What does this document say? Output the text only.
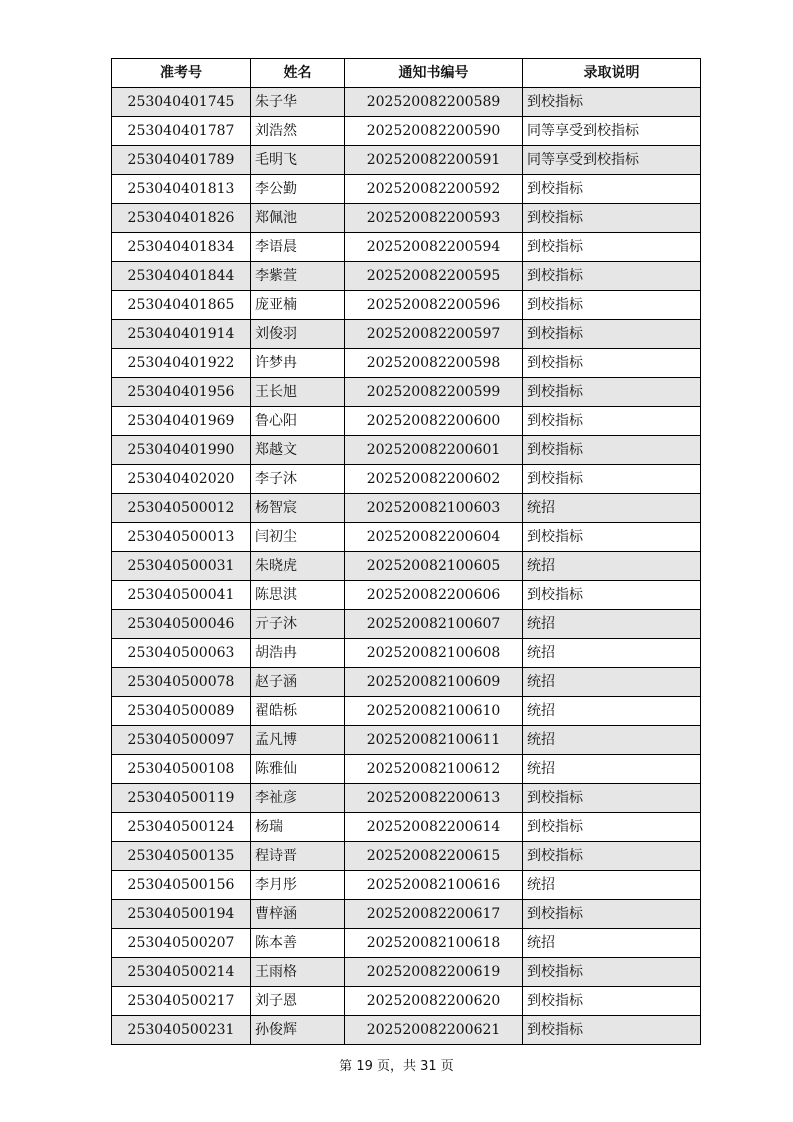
准考号	姓名	通知书编号	录取说明
253040401745	朱子华	202520082200589	到校指标
253040401787	刘浩然	202520082200590	同等享受到校指标
253040401789	毛明飞	202520082200591	同等享受到校指标
253040401813	李公勤	202520082200592	到校指标
253040401826	郑佩池	202520082200593	到校指标
253040401834	李语晨	202520082200594	到校指标
253040401844	李紫萱	202520082200595	到校指标
253040401865	庞亚楠	202520082200596	到校指标
253040401914	刘俊羽	202520082200597	到校指标
253040401922	许梦冉	202520082200598	到校指标
253040401956	王长旭	202520082200599	到校指标
253040401969	鲁心阳	202520082200600	到校指标
253040401990	郑越文	202520082200601	到校指标
253040402020	李子沐	202520082200602	到校指标
253040500012	杨智宸	202520082100603	统招
253040500013	闫初尘	202520082200604	到校指标
253040500031	朱晓虎	202520082100605	统招
253040500041	陈思淇	202520082200606	到校指标
253040500046	亓子沐	202520082100607	统招
253040500063	胡浩冉	202520082100608	统招
253040500078	赵子涵	202520082100609	统招
253040500089	翟皓栎	202520082100610	统招
253040500097	孟凡博	202520082100611	统招
253040500108	陈雅仙	202520082100612	统招
253040500119	李祉彦	202520082200613	到校指标
253040500124	杨瑞	202520082200614	到校指标
253040500135	程诗晋	202520082200615	到校指标
253040500156	李月彤	202520082100616	统招
253040500194	曹梓涵	202520082200617	到校指标
253040500207	陈本善	202520082100618	统招
253040500214	王雨格	202520082200619	到校指标
253040500217	刘子恩	202520082200620	到校指标
253040500231	孙俊辉	202520082200621	到校指标
第 19 页，共 31 页
